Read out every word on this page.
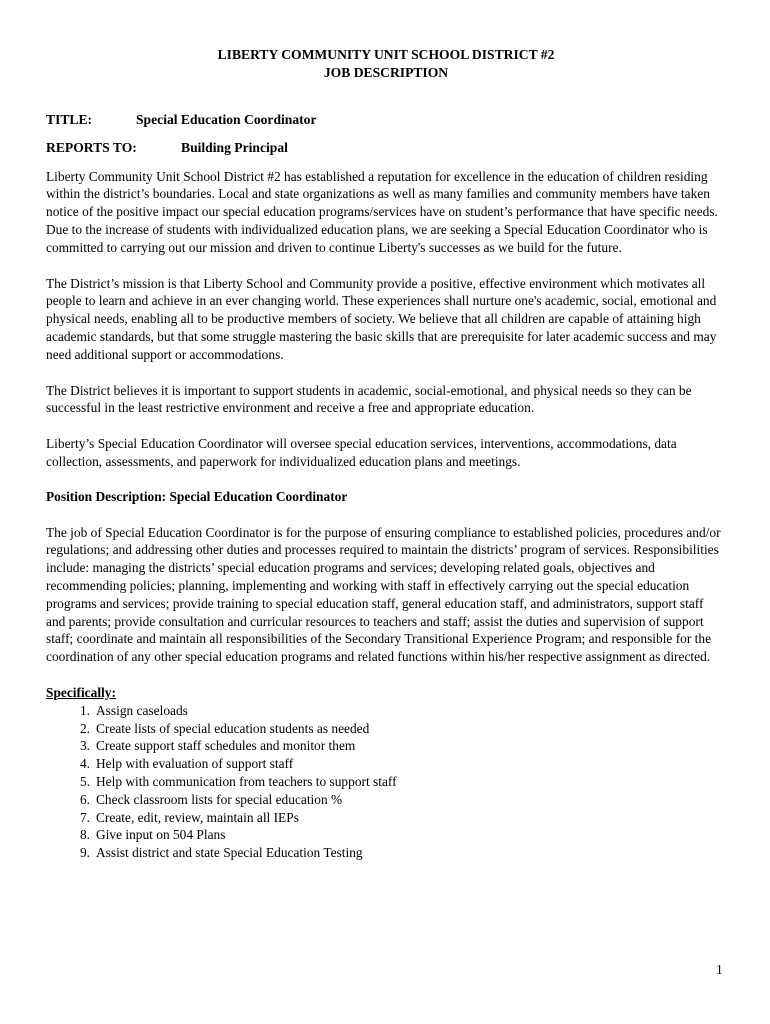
LIBERTY COMMUNITY UNIT SCHOOL DISTRICT #2
JOB DESCRIPTION
TITLE:	Special Education Coordinator
REPORTS TO:	Building Principal

Liberty Community Unit School District #2 has established a reputation for excellence in the education of children residing within the district’s boundaries. Local and state organizations as well as many families and community members have taken notice of the positive impact our special education programs/services have on student’s performance that have specific needs. Due to the increase of students with individualized education plans, we are seeking a Special Education Coordinator who is committed to carrying out our mission and driven to continue Liberty's successes as we build for the future.

The District’s mission is that Liberty School and Community provide a positive, effective environment which motivates all people to learn and achieve in an ever changing world. These experiences shall nurture one's academic, social, emotional and physical needs, enabling all to be productive members of society. We believe that all children are capable of attaining high academic standards, but that some struggle mastering the basic skills that are prerequisite for later academic success and may need additional support or accommodations.

The District believes it is important to support students in academic, social-emotional, and physical needs so they can be successful in the least restrictive environment and receive a free and appropriate education.

Liberty’s Special Education Coordinator will oversee special education services, interventions, accommodations, data collection, assessments, and paperwork for individualized education plans and meetings.

Position Description: Special Education Coordinator

The job of Special Education Coordinator is for the purpose of ensuring compliance to established policies, procedures and/or regulations; and addressing other duties and processes required to maintain the districts’ program of services. Responsibilities include: managing the districts’ special education programs and services; developing related goals, objectives and recommending policies; planning, implementing and working with staff in effectively carrying out the special education programs and services; provide training to special education staff, general education staff, and administrators, support staff and parents; provide consultation and curricular resources to teachers and staff; assist the duties and supervision of support staff; coordinate and maintain all responsibilities of the Secondary Transitional Experience Program; and responsible for the coordination of any other special education programs and related functions within his/her respective assignment as directed.

Specifically:
1. Assign caseloads
2. Create lists of special education students as needed
3. Create support staff schedules and monitor them
4. Help with evaluation of support staff
5. Help with communication from teachers to support staff
6. Check classroom lists for special education %
7. Create, edit, review, maintain all IEPs
8. Give input on 504 Plans
9. Assist district and state Special Education Testing
1
